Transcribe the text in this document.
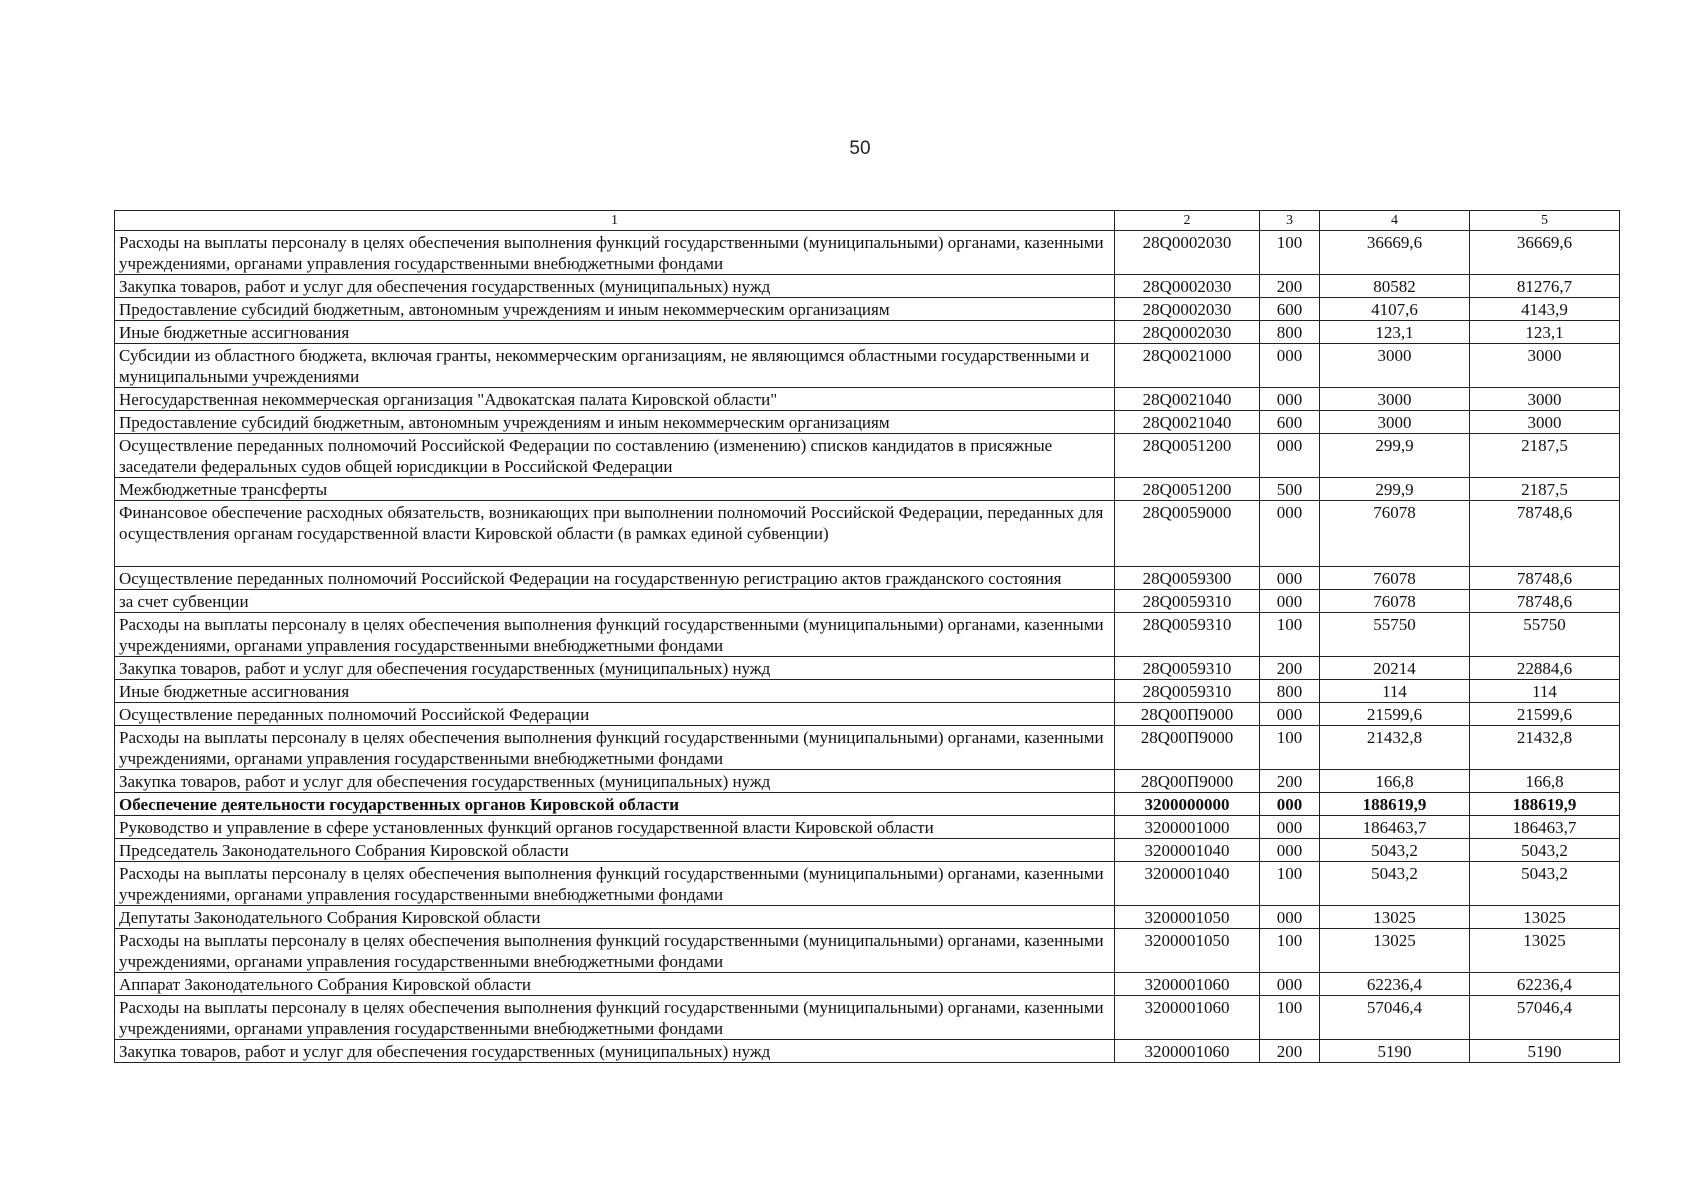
50
1	2	3	4	5
Расходы на выплаты персоналу в целях обеспечения выполнения функций государственными (муниципальными) органами, казенными учреждениями, органами управления государственными внебюджетными фондами	28Q0002030	100	36669,6	36669,6
Закупка товаров, работ и услуг для обеспечения государственных (муниципальных) нужд	28Q0002030	200	80582	81276,7
Предоставление субсидий бюджетным, автономным учреждениям и иным некоммерческим организациям	28Q0002030	600	4107,6	4143,9
Иные бюджетные ассигнования	28Q0002030	800	123,1	123,1
Субсидии из областного бюджета, включая гранты, некоммерческим организациям, не являющимся областными государственными и муниципальными учреждениями	28Q0021000	000	3000	3000
Негосударственная некоммерческая организация "Адвокатская палата Кировской области"	28Q0021040	000	3000	3000
Предоставление субсидий бюджетным, автономным учреждениям и иным некоммерческим организациям	28Q0021040	600	3000	3000
Осуществление переданных полномочий Российской Федерации по составлению (изменению) списков кандидатов в присяжные заседатели федеральных судов общей юрисдикции в Российской Федерации	28Q0051200	000	299,9	2187,5
Межбюджетные трансферты	28Q0051200	500	299,9	2187,5
Финансовое обеспечение расходных обязательств, возникающих при выполнении полномочий Российской Федерации, переданных для осуществления органам государственной власти Кировской области (в рамках единой субвенции)	28Q0059000	000	76078	78748,6

Осуществление переданных полномочий Российской Федерации на государственную регистрацию актов гражданского состояния	28Q0059300	000	76078	78748,6
за счет субвенции	28Q0059310	000	76078	78748,6
Расходы на выплаты персоналу в целях обеспечения выполнения функций государственными (муниципальными) органами, казенными учреждениями, органами управления государственными внебюджетными фондами	28Q0059310	100	55750	55750
Закупка товаров, работ и услуг для обеспечения государственных (муниципальных) нужд	28Q0059310	200	20214	22884,6
Иные бюджетные ассигнования	28Q0059310	800	114	114
Осуществление переданных полномочий Российской Федерации	28Q00П9000	000	21599,6	21599,6
Расходы на выплаты персоналу в целях обеспечения выполнения функций государственными (муниципальными) органами, казенными учреждениями, органами управления государственными внебюджетными фондами	28Q00П9000	100	21432,8	21432,8
Закупка товаров, работ и услуг для обеспечения государственных (муниципальных) нужд	28Q00П9000	200	166,8	166,8
Обеспечение деятельности государственных органов Кировской области	3200000000	000	188619,9	188619,9
Руководство и управление в сфере установленных функций органов государственной власти Кировской области	3200001000	000	186463,7	186463,7
Председатель Законодательного Собрания Кировской области	3200001040	000	5043,2	5043,2
Расходы на выплаты персоналу в целях обеспечения выполнения функций государственными (муниципальными) органами, казенными учреждениями, органами управления государственными внебюджетными фондами	3200001040	100	5043,2	5043,2
Депутаты Законодательного Собрания Кировской области	3200001050	000	13025	13025
Расходы на выплаты персоналу в целях обеспечения выполнения функций государственными (муниципальными) органами, казенными учреждениями, органами управления государственными внебюджетными фондами	3200001050	100	13025	13025
Аппарат Законодательного Собрания Кировской области	3200001060	000	62236,4	62236,4
Расходы на выплаты персоналу в целях обеспечения выполнения функций государственными (муниципальными) органами, казенными учреждениями, органами управления государственными внебюджетными фондами	3200001060	100	57046,4	57046,4
Закупка товаров, работ и услуг для обеспечения государственных (муниципальных) нужд	3200001060	200	5190	5190
